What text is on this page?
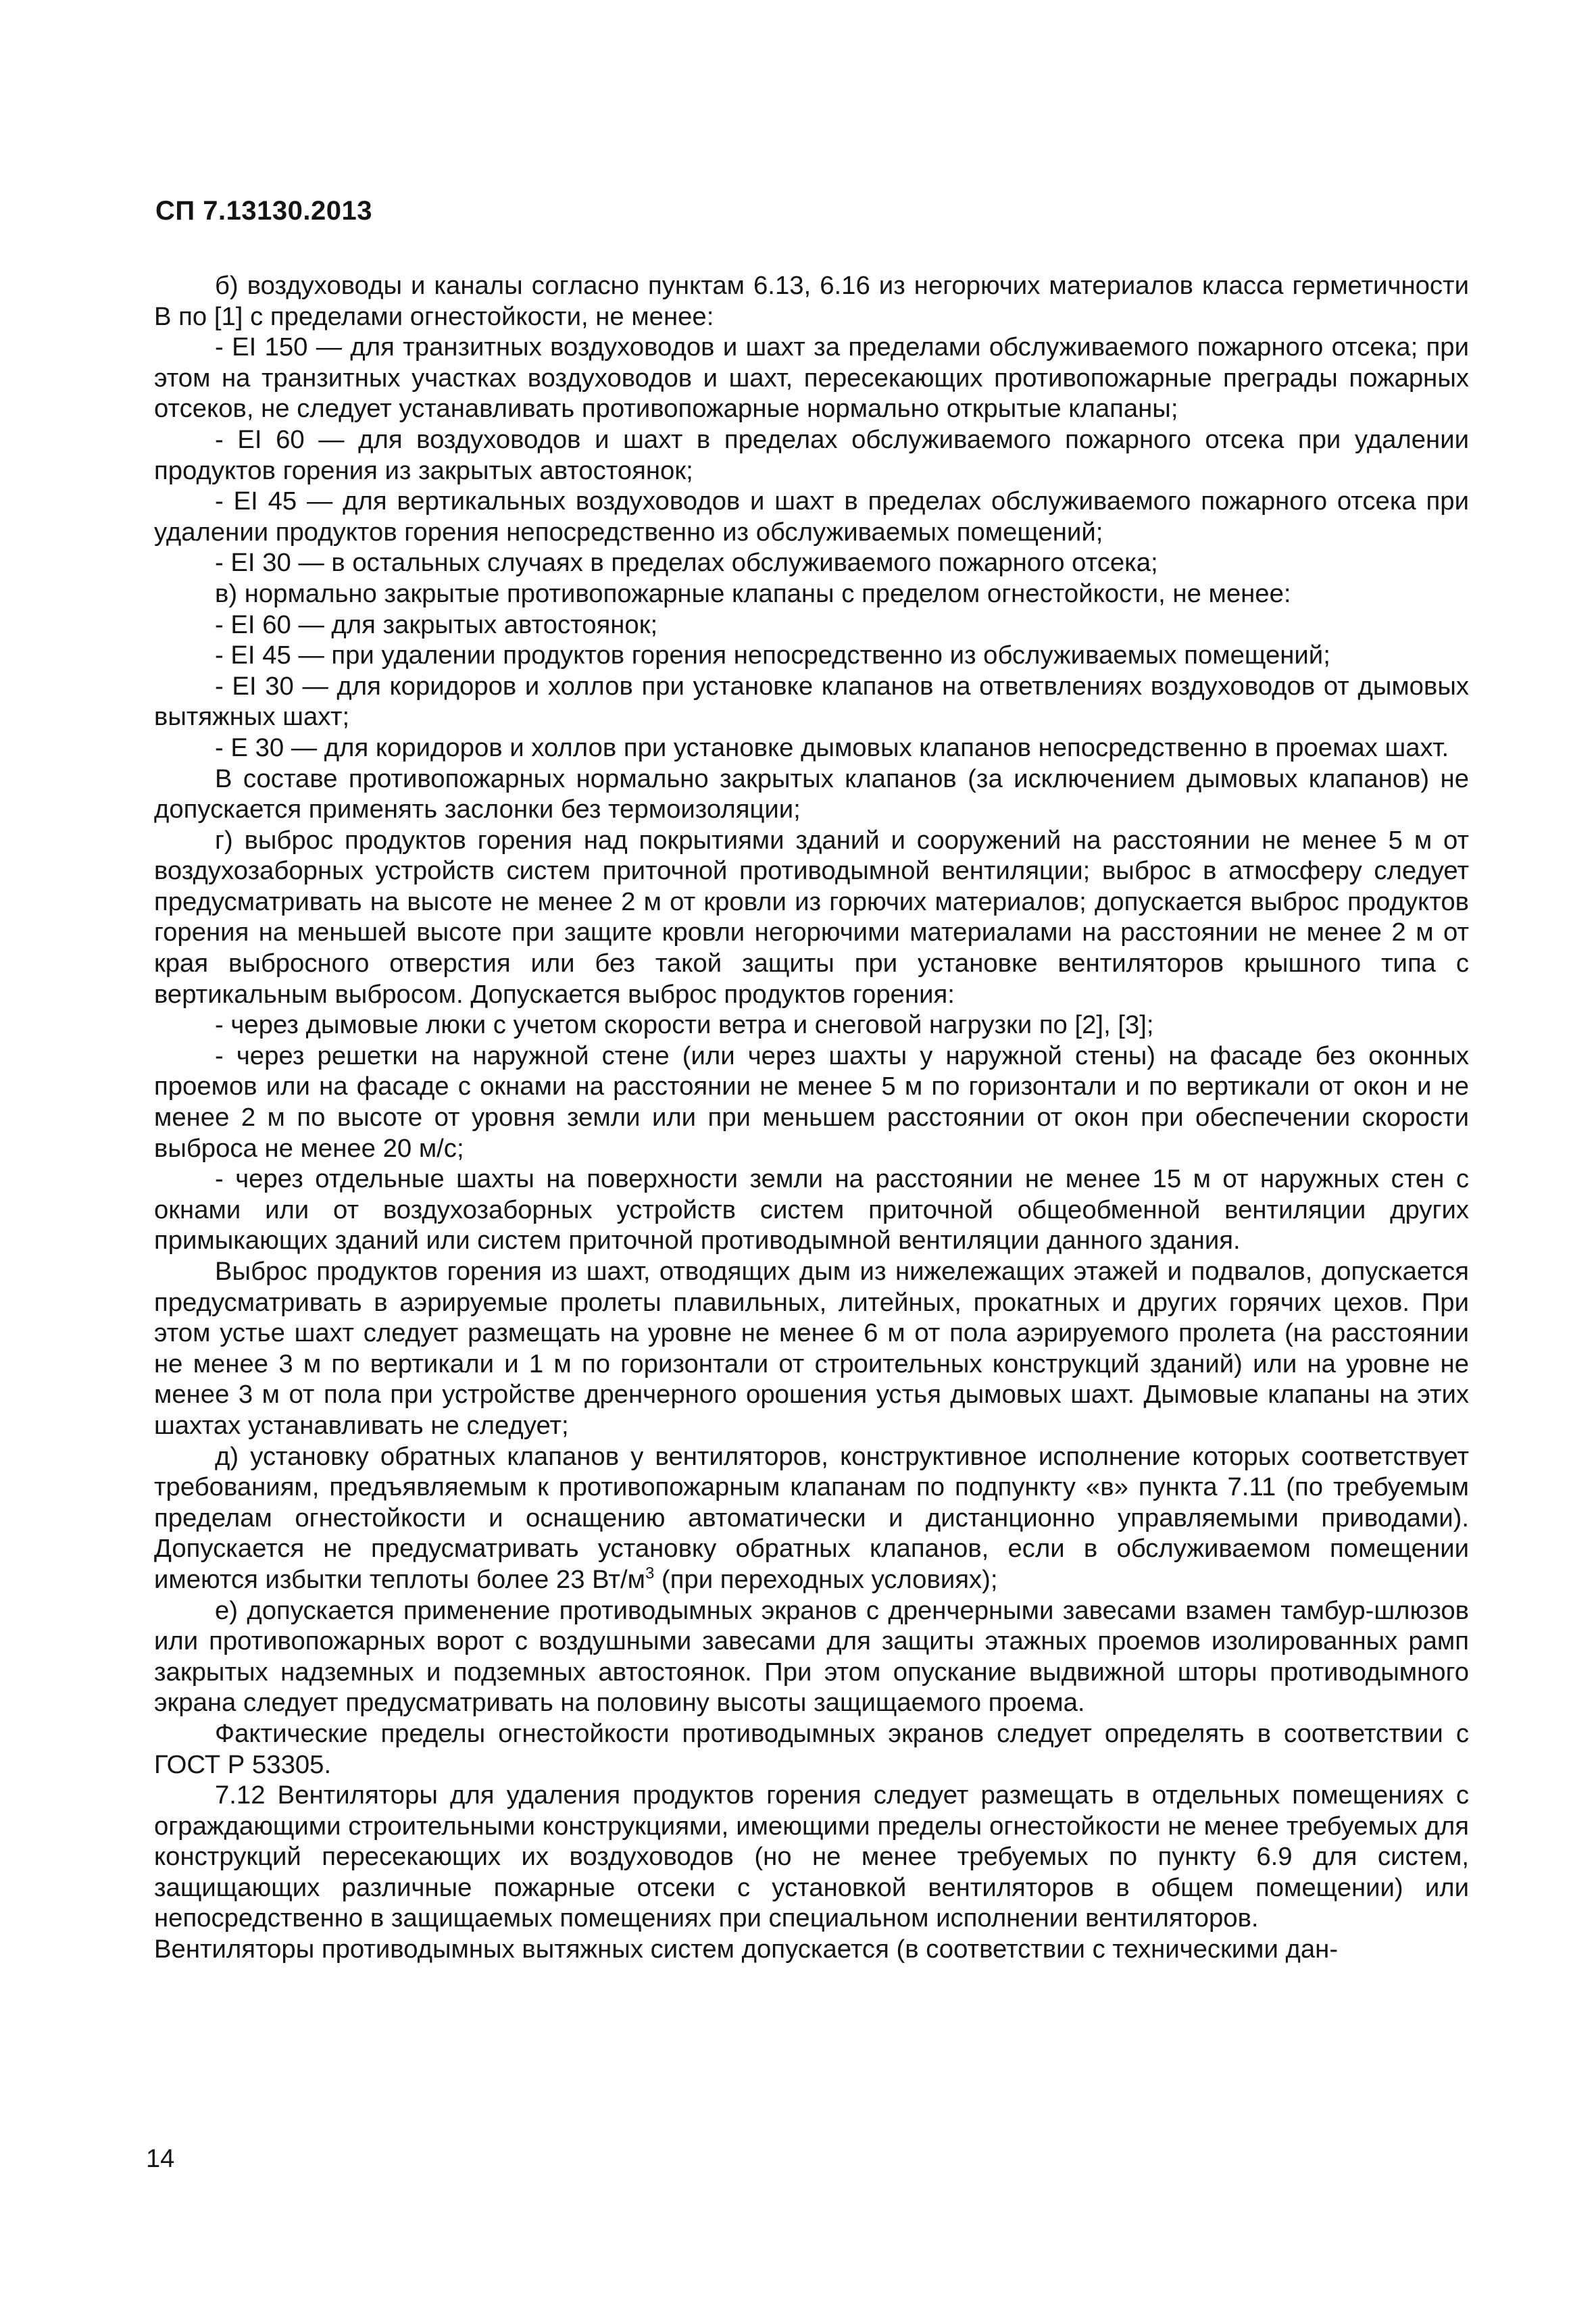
СП 7.13130.2013

б) воздуховоды и каналы согласно пунктам 6.13, 6.16 из негорючих материалов класса герметичности В по [1] с пределами огнестойкости, не менее:

- EI 150 — для транзитных воздуховодов и шахт за пределами обслуживаемого пожарного отсека; при этом на транзитных участках воздуховодов и шахт, пересекающих противопожарные преграды пожарных отсеков, не следует устанавливать противопожарные нормально открытые клапаны;

- EI 60 — для воздуховодов и шахт в пределах обслуживаемого пожарного отсека при удалении продуктов горения из закрытых автостоянок;

- EI 45 — для вертикальных воздуховодов и шахт в пределах обслуживаемого пожарного отсека при удалении продуктов горения непосредственно из обслуживаемых помещений;

- EI 30 — в остальных случаях в пределах обслуживаемого пожарного отсека;

в) нормально закрытые противопожарные клапаны с пределом огнестойкости, не менее:

- EI 60 — для закрытых автостоянок;

- EI 45 — при удалении продуктов горения непосредственно из обслуживаемых помещений;

- EI 30 — для коридоров и холлов при установке клапанов на ответвлениях воздуховодов от дымовых вытяжных шахт;

- Е 30 — для коридоров и холлов при установке дымовых клапанов непосредственно в проемах шахт.

В составе противопожарных нормально закрытых клапанов (за исключением дымовых клапанов) не допускается применять заслонки без термоизоляции;

г) выброс продуктов горения над покрытиями зданий и сооружений на расстоянии не менее 5 м от воздухозаборных устройств систем приточной противодымной вентиляции; выброс в атмосферу следует предусматривать на высоте не менее 2 м от кровли из горючих материалов; допускается выброс продуктов горения на меньшей высоте при защите кровли негорючими материалами на расстоянии не менее 2 м от края выбросного отверстия или без такой защиты при установке вентиляторов крышного типа с вертикальным выбросом. Допускается выброс продуктов горения:

- через дымовые люки с учетом скорости ветра и снеговой нагрузки по [2], [3];

- через решетки на наружной стене (или через шахты у наружной стены) на фасаде без оконных проемов или на фасаде с окнами на расстоянии не менее 5 м по горизонтали и по вертикали от окон и не менее 2 м по высоте от уровня земли или при меньшем расстоянии от окон при обеспечении скорости выброса не менее 20 м/с;

- через отдельные шахты на поверхности земли на расстоянии не менее 15 м от наружных стен с окнами или от воздухозаборных устройств систем приточной общеобменной вентиляции других примыкающих зданий или систем приточной противодымной вентиляции данного здания.

Выброс продуктов горения из шахт, отводящих дым из нижележащих этажей и подвалов, допускается предусматривать в аэрируемые пролеты плавильных, литейных, прокатных и других горячих цехов. При этом устье шахт следует размещать на уровне не менее 6 м от пола аэрируемого пролета (на расстоянии не менее 3 м по вертикали и 1 м по горизонтали от строительных конструкций зданий) или на уровне не менее 3 м от пола при устройстве дренчерного орошения устья дымовых шахт. Дымовые клапаны на этих шахтах устанавливать не следует;

д) установку обратных клапанов у вентиляторов, конструктивное исполнение которых соответствует требованиям, предъявляемым к противопожарным клапанам по подпункту «в» пункта 7.11 (по требуемым пределам огнестойкости и оснащению автоматически и дистанционно управляемыми приводами). Допускается не предусматривать установку обратных клапанов, если в обслуживаемом помещении имеются избытки теплоты более 23 $Вт/м^3$ (при переходных условиях);

е) допускается применение противодымных экранов с дренчерными завесами взамен тамбур-шлюзов или противопожарных ворот с воздушными завесами для защиты этажных проемов изолированных рамп закрытых надземных и подземных автостоянок. При этом опускание выдвижной шторы противодымного экрана следует предусматривать на половину высоты защищаемого проема.

Фактические пределы огнестойкости противодымных экранов следует определять в соответствии с ГОСТ Р 53305.

7.12 Вентиляторы для удаления продуктов горения следует размещать в отдельных помещениях с ограждающими строительными конструкциями, имеющими пределы огнестойкости не менее требуемых для конструкций пересекающих их воздуховодов (но не менее требуемых по пункту 6.9 для систем, защищающих различные пожарные отсеки с установкой вентиляторов в общем помещении) или непосредственно в защищаемых помещениях при специальном исполнении вентиляторов.

Вентиляторы противодымных вытяжных систем допускается (в соответствии с техническими дан-

14
